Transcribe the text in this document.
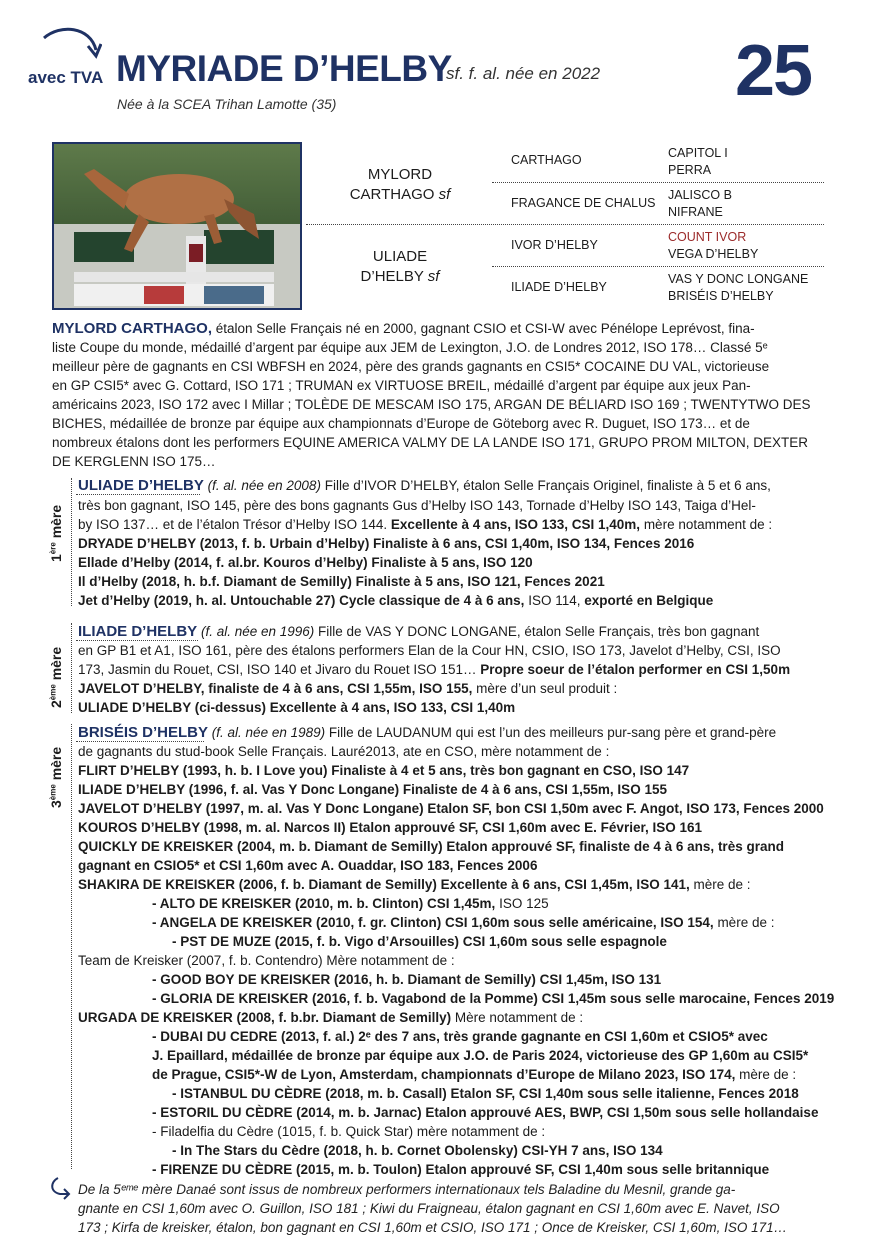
avec TVA MYRIADE D’HELBY
sf. f. al. née en 2022
Née à la SCEA Trihan Lamotte (35)	25
MYLORD
CARTHAGO sf
ULIADE
D’HELBY sf
CARTHAGO
FRAGANCE DE CHALUS
IVOR D’HELBY
ILIADE D’HELBY
CAPITOL I
PERRA
JALISCO B
NIFRANE
COUNT IVOR
VEGA D’HELBY
VAS Y DONC LONGANE
BRISÉIS D’HELBY
MYLORD CARTHAGO, étalon Selle Français né en 2000, gagnant CSIO et CSI-W avec Pénélope Leprévost, fina-
liste Coupe du monde, médaillé d’argent par équipe aux JEM de Lexington, J.O. de Londres 2012, ISO 178… Classé 5ᵉ
meilleur père de gagnants en CSI WBFSH en 2024, père des grands gagnants en CSI5* COCAINE DU VAL, victorieuse
en GP CSI5* avec G. Cottard, ISO 171 ; TRUMAN ex VIRTUOSE BREIL, médaillé d’argent par équipe aux jeux Pan-
américains 2023, ISO 172 avec I Millar ; TOLÈDE DE MESCAM ISO 175, ARGAN DE BÉLIARD ISO 169 ; TWENTYTWO DES
BICHES, médaillée de bronze par équipe aux championnats d’Europe de Göteborg avec R. Duguet, ISO 173… et de
nombreux étalons dont les performers EQUINE AMERICA VALMY DE LA LANDE ISO 171, GRUPO PROM MILTON, DEXTER
DE KERGLENN ISO 175…
1ère mère
ULIADE D’HELBY (f. al. née en 2008) Fille d’IVOR D’HELBY, étalon Selle Français Originel, finaliste à 5 et 6 ans,
très bon gagnant, ISO 145, père des bons gagnants Gus d’Helby ISO 143, Tornade d’Helby ISO 143, Taiga d’Hel-
by ISO 137… et de l’étalon Trésor d’Helby ISO 144. Excellente à 4 ans, ISO 133, CSI 1,40m, mère notamment de :
DRYADE D’HELBY (2013, f. b. Urbain d’Helby) Finaliste à 6 ans, CSI 1,40m, ISO 134, Fences 2016
Ellade d’Helby (2014, f. al.br. Kouros d’Helby) Finaliste à 5 ans, ISO 120
Il d’Helby (2018, h. b.f. Diamant de Semilly) Finaliste à 5 ans, ISO 121, Fences 2021
Jet d’Helby (2019, h. al. Untouchable 27) Cycle classique de 4 à 6 ans, ISO 114, exporté en Belgique
2ème mère
ILIADE D’HELBY (f. al. née en 1996) Fille de VAS Y DONC LONGANE, étalon Selle Français, très bon gagnant
en GP B1 et A1, ISO 161, père des étalons performers Elan de la Cour HN, CSIO, ISO 173, Javelot d’Helby, CSI, ISO
173, Jasmin du Rouet, CSI, ISO 140 et Jivaro du Rouet ISO 151… Propre soeur de l’étalon performer en CSI 1,50m
JAVELOT D’HELBY, finaliste de 4 à 6 ans, CSI 1,55m, ISO 155, mère d’un seul produit :
ULIADE D’HELBY (ci-dessus) Excellente à 4 ans, ISO 133, CSI 1,40m
3ème mère
BRISÉIS D’HELBY (f. al. née en 1989) Fille de LAUDANUM qui est l’un des meilleurs pur-sang père et grand-père
de gagnants du stud-book Selle Français. Lauré2013, ate en CSO, mère notamment de :
FLIRT D’HELBY (1993, h. b. I Love you) Finaliste à 4 et 5 ans, très bon gagnant en CSO, ISO 147
ILIADE D’HELBY (1996, f. al. Vas Y Donc Longane) Finaliste de 4 à 6 ans, CSI 1,55m, ISO 155
JAVELOT D’HELBY (1997, m. al. Vas Y Donc Longane) Etalon SF, bon CSI 1,50m avec F. Angot, ISO 173, Fences 2000
KOUROS D’HELBY (1998, m. al. Narcos II) Etalon approuvé SF, CSI 1,60m avec E. Février, ISO 161
QUICKLY DE KREISKER (2004, m. b. Diamant de Semilly) Etalon approuvé SF, finaliste de 4 à 6 ans, très grand
gagnant en CSIO5* et CSI 1,60m avec A. Ouaddar, ISO 183, Fences 2006
SHAKIRA DE KREISKER (2006, f. b. Diamant de Semilly) Excellente à 6 ans, CSI 1,45m, ISO 141, mère de :
- ALTO DE KREISKER (2010, m. b. Clinton) CSI 1,45m, ISO 125
- ANGELA DE KREISKER (2010, f. gr. Clinton) CSI 1,60m sous selle américaine, ISO 154, mère de :
- PST DE MUZE (2015, f. b. Vigo d’Arsouilles) CSI 1,60m sous selle espagnole
Team de Kreisker (2007, f. b. Contendro) Mère notamment de :
- GOOD BOY DE KREISKER (2016, h. b. Diamant de Semilly) CSI 1,45m, ISO 131
- GLORIA DE KREISKER (2016, f. b. Vagabond de la Pomme) CSI 1,45m sous selle marocaine, Fences 2019
URGADA DE KREISKER (2008, f. b.br. Diamant de Semilly) Mère notamment de :
- DUBAI DU CEDRE (2013, f. al.) 2ᵉ des 7 ans, très grande gagnante en CSI 1,60m et CSIO5* avec
J. Epaillard, médaillée de bronze par équipe aux J.O. de Paris 2024, victorieuse des GP 1,60m au CSI5*
de Prague, CSI5*-W de Lyon, Amsterdam, championnats d’Europe de Milano 2023, ISO 174, mère de :
- ISTANBUL DU CÈDRE (2018, m. b. Casall) Etalon SF, CSI 1,40m sous selle italienne, Fences 2018
- ESTORIL DU CÈDRE (2014, m. b. Jarnac) Etalon approuvé AES, BWP, CSI 1,50m sous selle hollandaise
- Filadelfia du Cèdre (1015, f. b. Quick Star) mère notamment de :
- In The Stars du Cèdre (2018, h. b. Cornet Obolensky) CSI-YH 7 ans, ISO 134
- FIRENZE DU CÈDRE (2015, m. b. Toulon) Etalon approuvé SF, CSI 1,40m sous selle britannique
De la 5ᵉᵐᵉ mère Danaé sont issus de nombreux performers internationaux tels Baladine du Mesnil, grande ga-
gnante en CSI 1,60m avec O. Guillon, ISO 181 ; Kiwi du Fraigneau, étalon gagnant en CSI 1,60m avec E. Navet, ISO
173 ; Kirfa de kreisker, étalon, bon gagnant en CSI 1,60m et CSIO, ISO 171 ; Once de Kreisker, CSI 1,60m, ISO 171…
